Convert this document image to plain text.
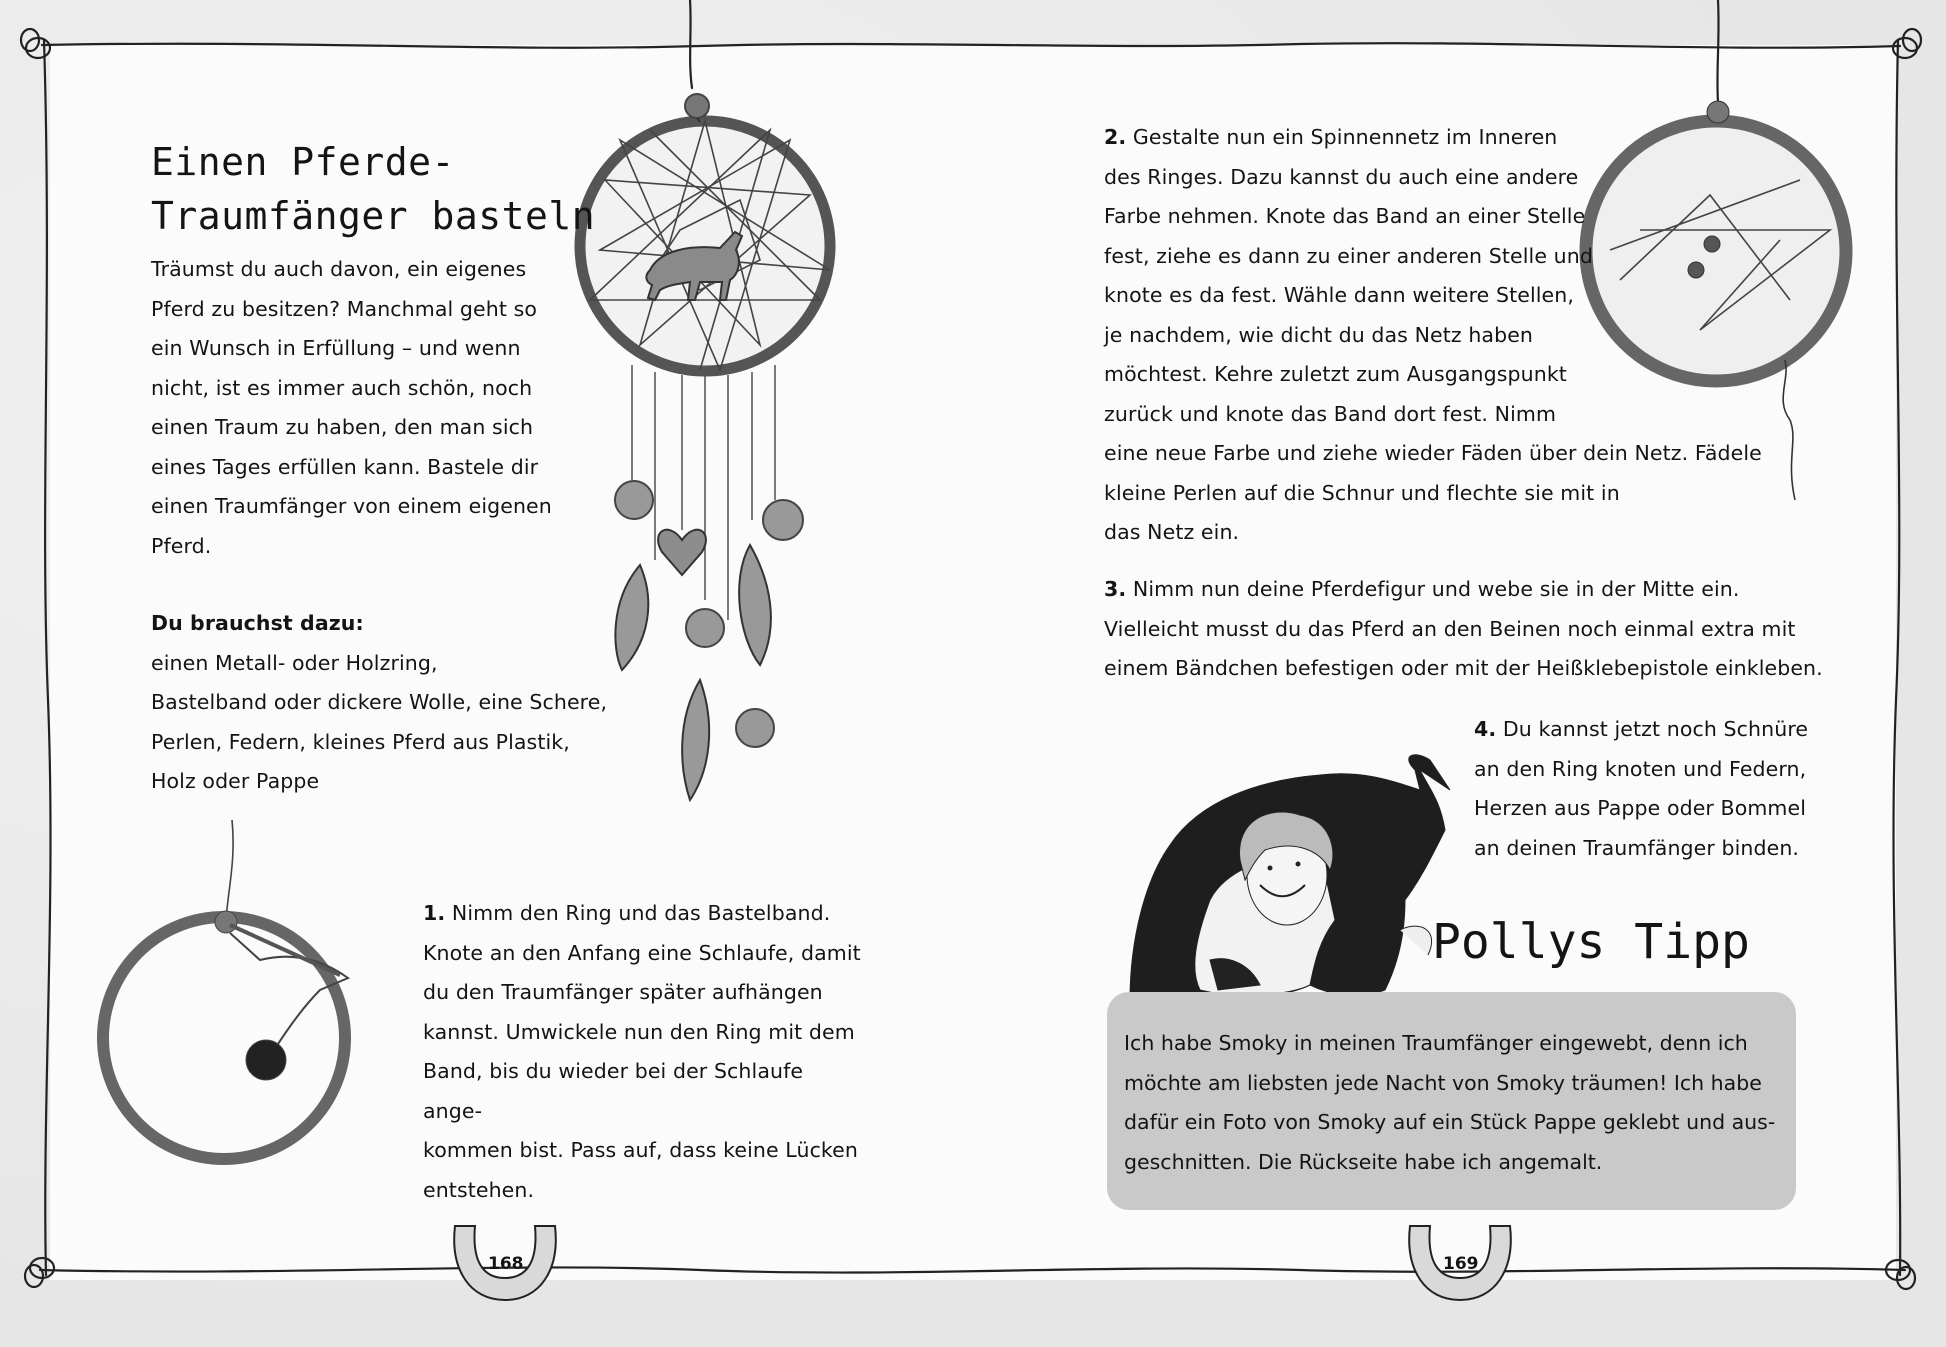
Einen Pferde-
Traumfänger basteln
Träumst du auch davon, ein eigenes
Pferd zu besitzen? Manchmal geht so
ein Wunsch in Erfüllung – und wenn
nicht, ist es immer auch schön, noch
einen Traum zu haben, den man sich
eines Tages erfüllen kann. Bastele dir
einen Traumfänger von einem eigenen
Pferd.
Du brauchst dazu:
einen Metall- oder Holzring,
Bastelband oder dickere Wolle, eine Schere,
Perlen, Federn, kleines Pferd aus Plastik,
Holz oder Pappe
1. Nimm den Ring und das Bastelband.
Knote an den Anfang eine Schlaufe, damit
du den Traumfänger später aufhängen
kannst. Umwickele nun den Ring mit dem
Band, bis du wieder bei der Schlaufe ange-
kommen bist. Pass auf, dass keine Lücken
entstehen.
168
2. Gestalte nun ein Spinnennetz im Inneren
des Ringes. Dazu kannst du auch eine andere
Farbe nehmen. Knote das Band an einer Stelle
fest, ziehe es dann zu einer anderen Stelle und
knote es da fest. Wähle dann weitere Stellen,
je nachdem, wie dicht du das Netz haben
möchtest. Kehre zuletzt zum Ausgangspunkt
zurück und knote das Band dort fest. Nimm
eine neue Farbe und ziehe wieder Fäden über dein Netz. Fädele
kleine Perlen auf die Schnur und flechte sie mit in
das Netz ein.
3. Nimm nun deine Pferdefigur und webe sie in der Mitte ein.
Vielleicht musst du das Pferd an den Beinen noch einmal extra mit
einem Bändchen befestigen oder mit der Heißklebepistole einkleben.
4. Du kannst jetzt noch Schnüre
an den Ring knoten und Federn,
Herzen aus Pappe oder Bommel
an deinen Traumfänger binden.
Pollys Tipp
Ich habe Smoky in meinen Traumfänger eingewebt, denn ich
möchte am liebsten jede Nacht von Smoky träumen! Ich habe
dafür ein Foto von Smoky auf ein Stück Pappe geklebt und aus-
geschnitten. Die Rückseite habe ich angemalt.
169
